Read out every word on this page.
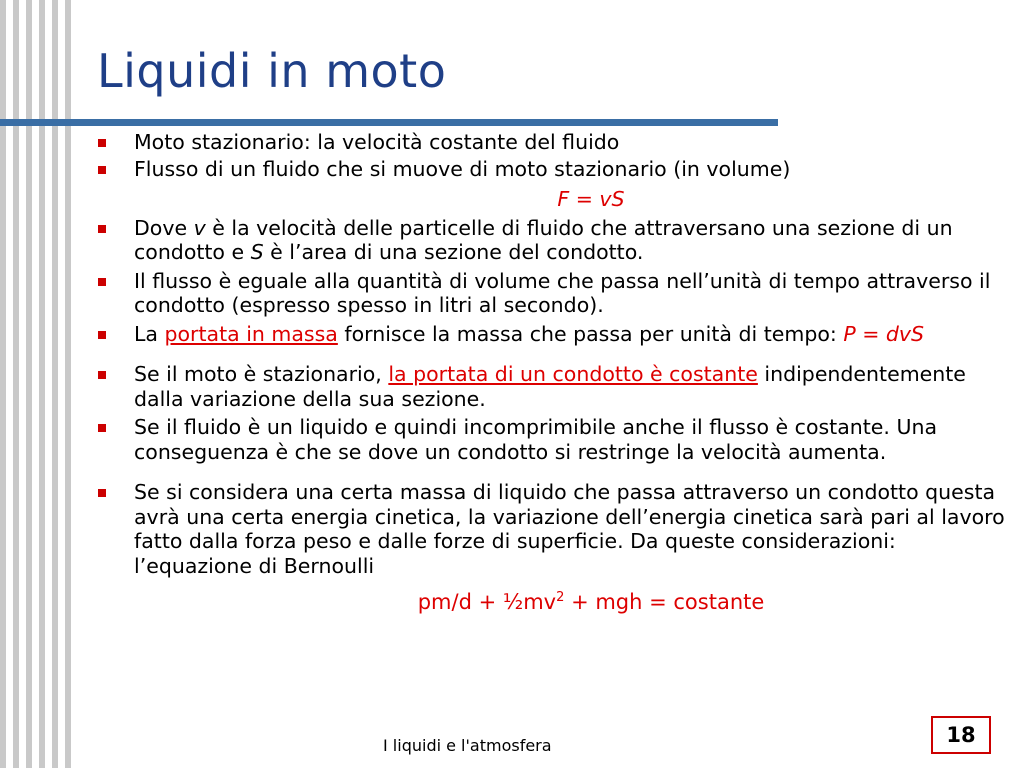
Liquidi in moto
Moto stazionario: la velocità costante del fluido
Flusso di un fluido che si muove di moto stazionario (in volume)
F = vS
Dove v è la velocità delle particelle di fluido che attraversano una sezione di un condotto e S è l’area di una sezione del condotto.
Il flusso è eguale alla quantità di volume che passa nell’unità di tempo attraverso il condotto (espresso spesso in litri al secondo).
La portata in massa fornisce la massa che passa per unità di tempo: P = dvS
Se il moto è stazionario, la portata di un condotto è costante indipendentemente dalla variazione della sua sezione.
Se il fluido è un liquido e quindi incomprimibile anche il flusso è costante. Una conseguenza è che se dove un condotto si restringe la velocità aumenta.
Se si considera una certa massa di liquido che passa attraverso un condotto questa avrà una certa energia cinetica, la variazione dell’energia cinetica sarà pari al lavoro fatto dalla forza peso e dalle forze di superficie. Da queste considerazioni: l’equazione di Bernoulli
$pm/d + \frac{1}{2}mv^2$ + mgh = costante
I liquidi e l'atmosfera	18
